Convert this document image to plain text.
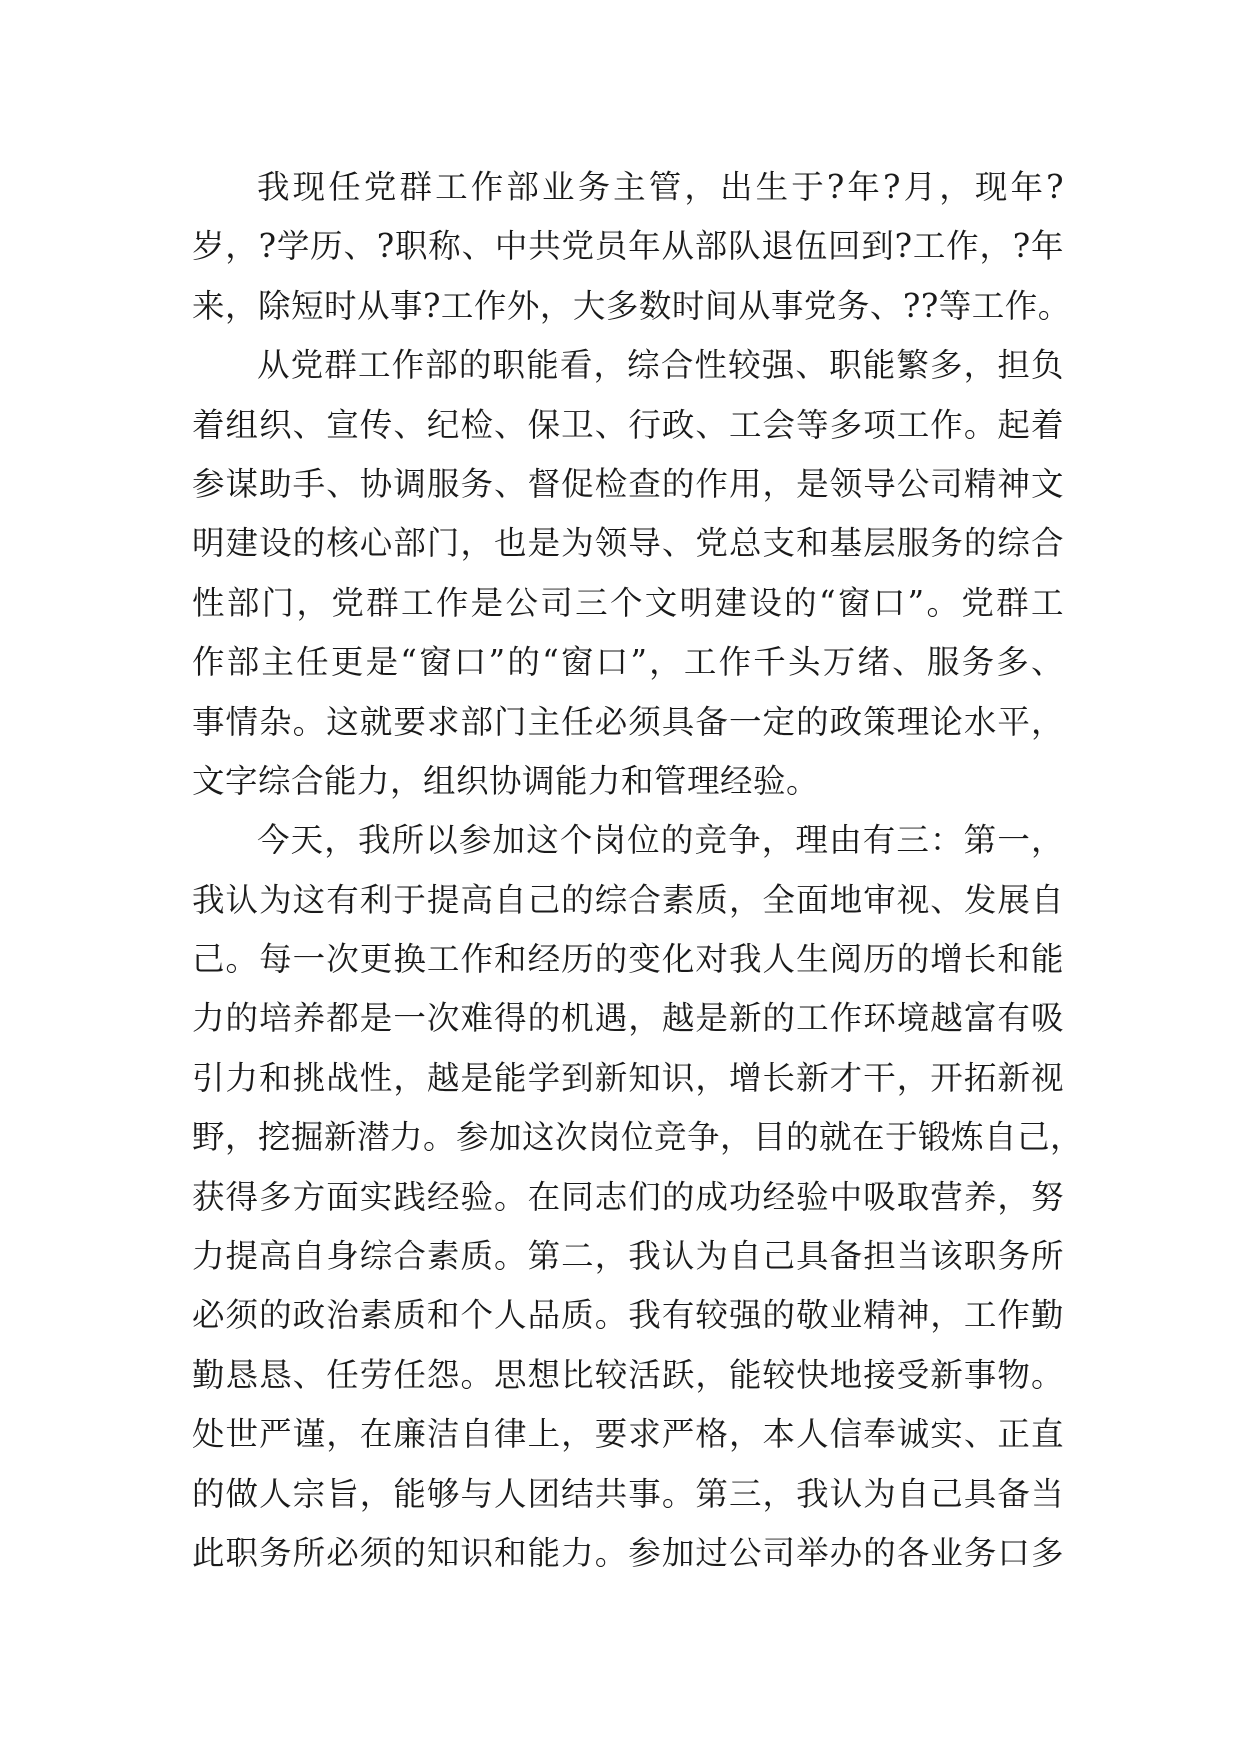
我现任党群工作部业务主管，出生于?年?月，现年?
岁，?学历、?职称、中共党员年从部队退伍回到?工作，?年
来，除短时从事?工作外，大多数时间从事党务、??等工作。
从党群工作部的职能看，综合性较强、职能繁多，担负
着组织、宣传、纪检、保卫、行政、工会等多项工作。起着
参谋助手、协调服务、督促检查的作用，是领导公司精神文
明建设的核心部门，也是为领导、党总支和基层服务的综合
性部门，党群工作是公司三个文明建设的“窗口”。党群工
作部主任更是“窗口”的“窗口”，工作千头万绪、服务多、
事情杂。这就要求部门主任必须具备一定的政策理论水平，
文字综合能力，组织协调能力和管理经验。
今天，我所以参加这个岗位的竞争，理由有三：第一，
我认为这有利于提高自己的综合素质，全面地审视、发展自
己。每一次更换工作和经历的变化对我人生阅历的增长和能
力的培养都是一次难得的机遇，越是新的工作环境越富有吸
引力和挑战性，越是能学到新知识，增长新才干，开拓新视
野，挖掘新潜力。参加这次岗位竞争，目的就在于锻炼自己，
获得多方面实践经验。在同志们的成功经验中吸取营养，努
力提高自身综合素质。第二，我认为自己具备担当该职务所
必须的政治素质和个人品质。我有较强的敬业精神，工作勤
勤恳恳、任劳任怨。思想比较活跃，能较快地接受新事物。
处世严谨，在廉洁自律上，要求严格，本人信奉诚实、正直
的做人宗旨，能够与人团结共事。第三，我认为自己具备当
此职务所必须的知识和能力。参加过公司举办的各业务口多
